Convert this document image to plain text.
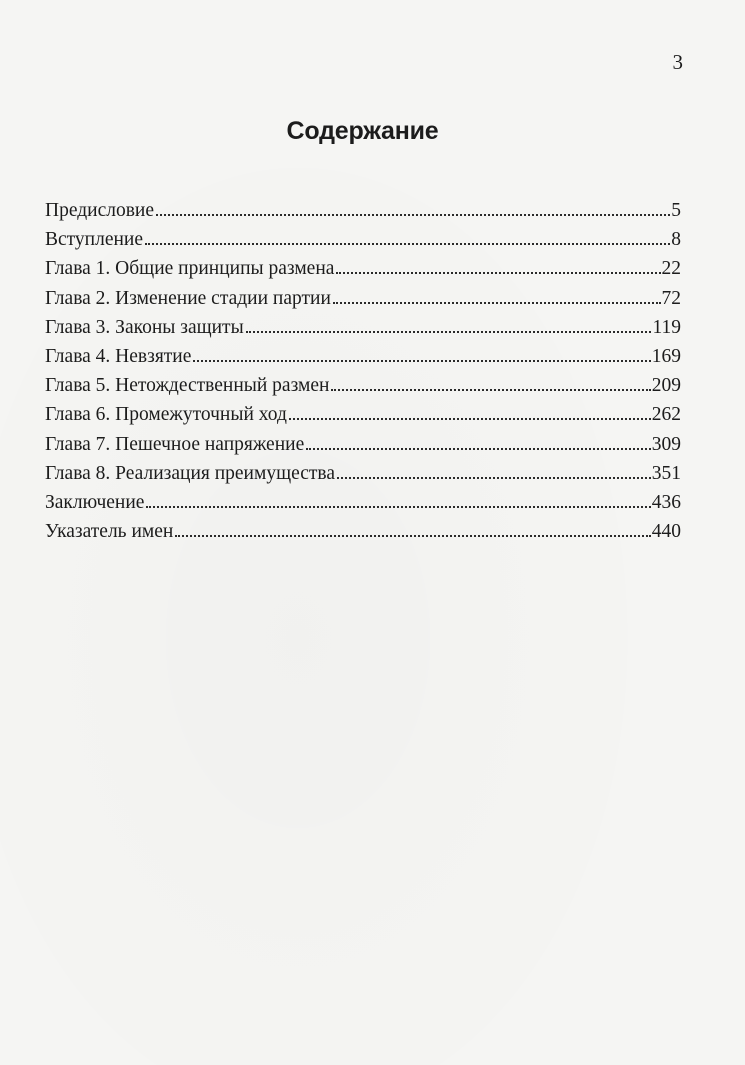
3
Содержание
Предисловие	5
Вступление	8
Глава 1. Общие принципы размена	22
Глава 2. Изменение стадии партии	72
Глава 3. Законы защиты	119
Глава 4. Невзятие	169
Глава 5. Нетождественный размен	209
Глава 6. Промежуточный ход	262
Глава 7. Пешечное напряжение	309
Глава 8. Реализация преимущества	351
Заключение	436
Указатель имен	440
